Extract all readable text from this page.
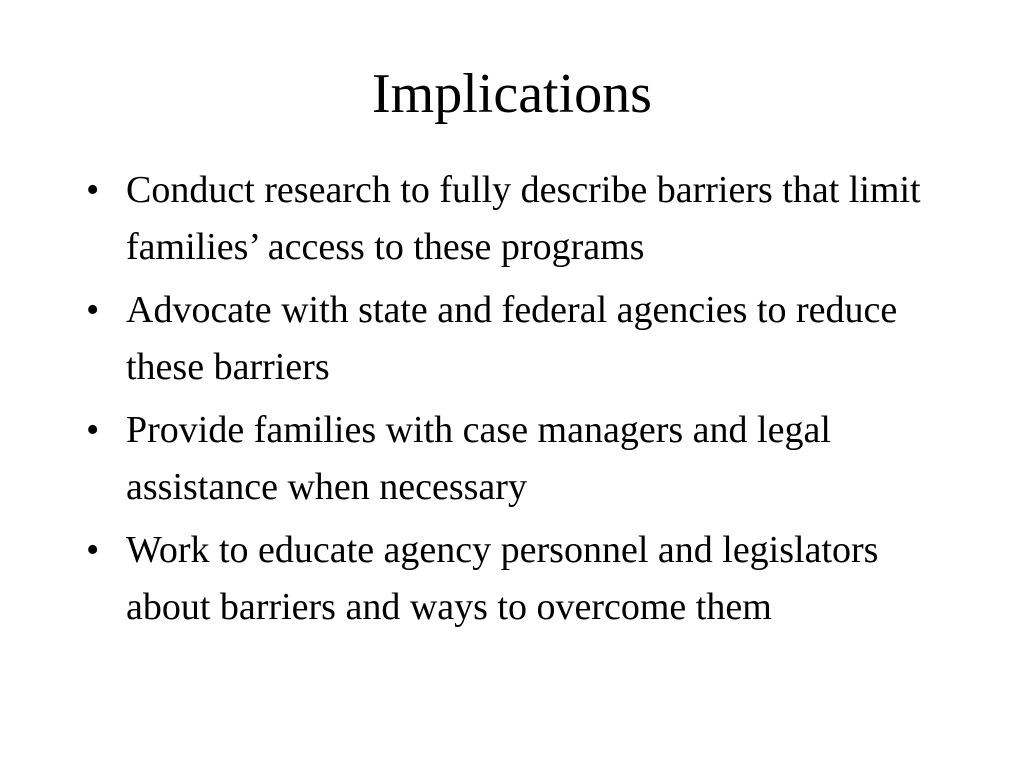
Implications
• Conduct research to fully describe barriers that limit families’ access to these programs
• Advocate with state and federal agencies to reduce these barriers
• Provide families with case managers and legal assistance when necessary
• Work to educate agency personnel and legislators about barriers and ways to overcome them
